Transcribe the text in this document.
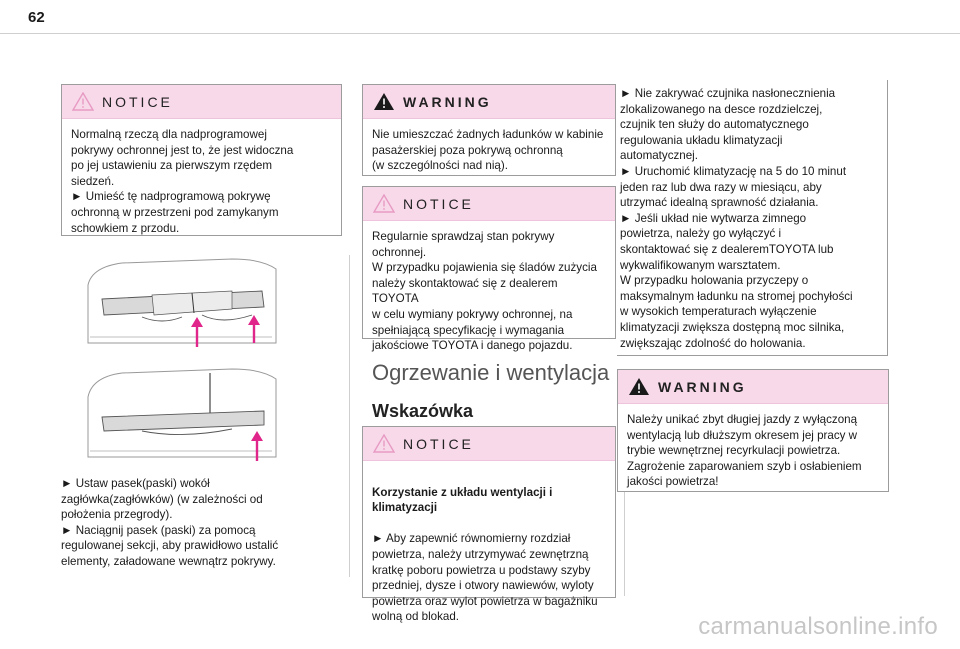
62
NOTICE
Normalną rzeczą dla nadprogramowej
pokrywy ochronnej jest to, że jest widoczna
po jej ustawieniu za pierwszym rzędem
siedzeń.
► Umieść tę nadprogramową pokrywę
ochronną w przestrzeni pod zamykanym
schowkiem z przodu.
► Ustaw pasek(paski) wokół
zagłówka(zagłówków) (w zależności od
położenia przegrody).
► Naciągnij pasek (paski) za pomocą
regulowanej sekcji, aby prawidłowo ustalić
elementy, załadowane wewnątrz pokrywy.
WARNING
Nie umieszczać żadnych ładunków w kabinie
pasażerskiej poza pokrywą ochronną
(w szczególności nad nią).
NOTICE
Regularnie sprawdzaj stan pokrywy
ochronnej.
W przypadku pojawienia się śladów zużycia
należy skontaktować się z dealerem TOYOTA
w celu wymiany pokrywy ochronnej, na
spełniającą specyfikację i wymagania
jakościowe TOYOTA i danego pojazdu.
Ogrzewanie i wentylacja
Wskazówka
NOTICE

Korzystanie z układu wentylacji i
klimatyzacji

► Aby zapewnić równomierny rozdział
powietrza, należy utrzymywać zewnętrzną
kratkę poboru powietrza u podstawy szyby
przedniej, dysze i otwory nawiewów, wyloty
powietrza oraz wylot powietrza w bagażniku
wolną od blokad.

► Nie zakrywać czujnika nasłonecznienia
zlokalizowanego na desce rozdzielczej,
czujnik ten służy do automatycznego
regulowania układu klimatyzacji
automatycznej.
► Uruchomić klimatyzację na 5 do 10 minut
jeden raz lub dwa razy w miesiącu, aby
utrzymać idealną sprawność działania.
► Jeśli układ nie wytwarza zimnego
powietrza, należy go wyłączyć i
skontaktować się z dealeremTOYOTA lub
wykwalifikowanym warsztatem.
W przypadku holowania przyczepy o
maksymalnym ładunku na stromej pochyłości
w wysokich temperaturach wyłączenie
klimatyzacji zwiększa dostępną moc silnika,
zwiększając zdolność do holowania.
WARNING
Należy unikać zbyt długiej jazdy z wyłączoną
wentylacją lub dłuższym okresem jej pracy w
trybie wewnętrznej recyrkulacji powietrza.
Zagrożenie zaparowaniem szyb i osłabieniem
jakości powietrza!
carmanualsonline.info
